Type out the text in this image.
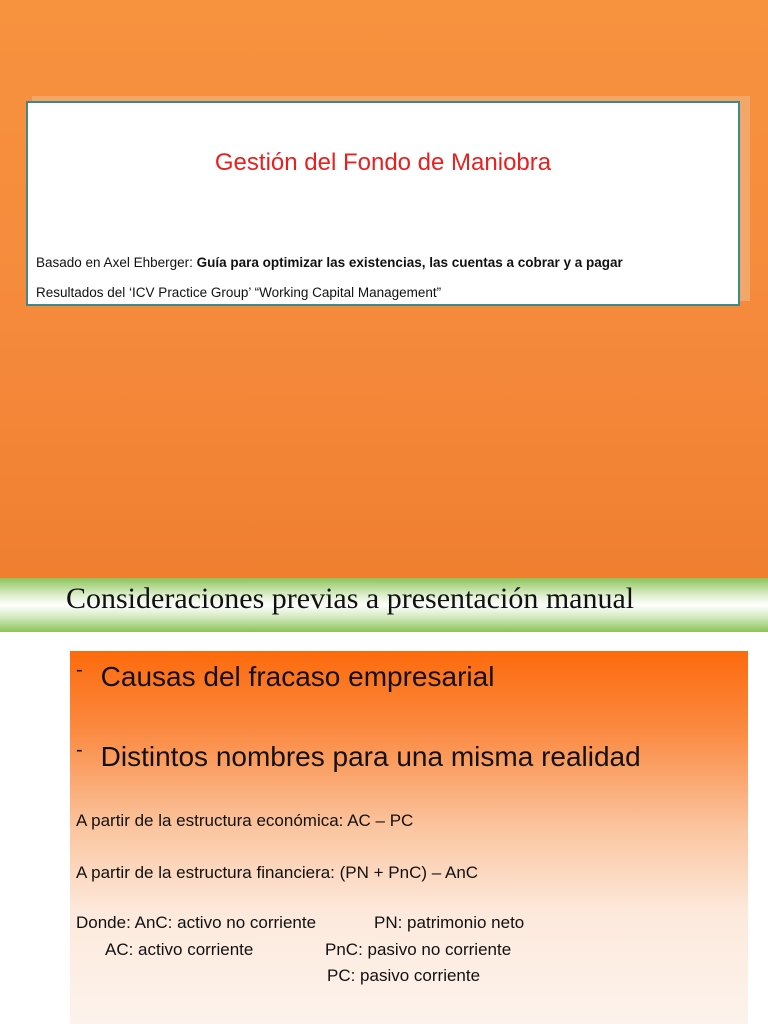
Gestión del Fondo de Maniobra
Basado en Axel Ehberger: Guía para optimizar las existencias, las cuentas a cobrar y a pagar
Resultados del ‘ICV Practice Group’ “Working Capital Management”
Consideraciones previas a presentación manual
- Causas del fracaso empresarial
- Distintos nombres para una misma realidad
A partir de la estructura económica: AC – PC
A partir de la estructura financiera: (PN + PnC) – AnC
Donde: AnC: activo no corriente	PN: patrimonio neto
AC: activo corriente	PnC: pasivo no corriente
PC: pasivo corriente
